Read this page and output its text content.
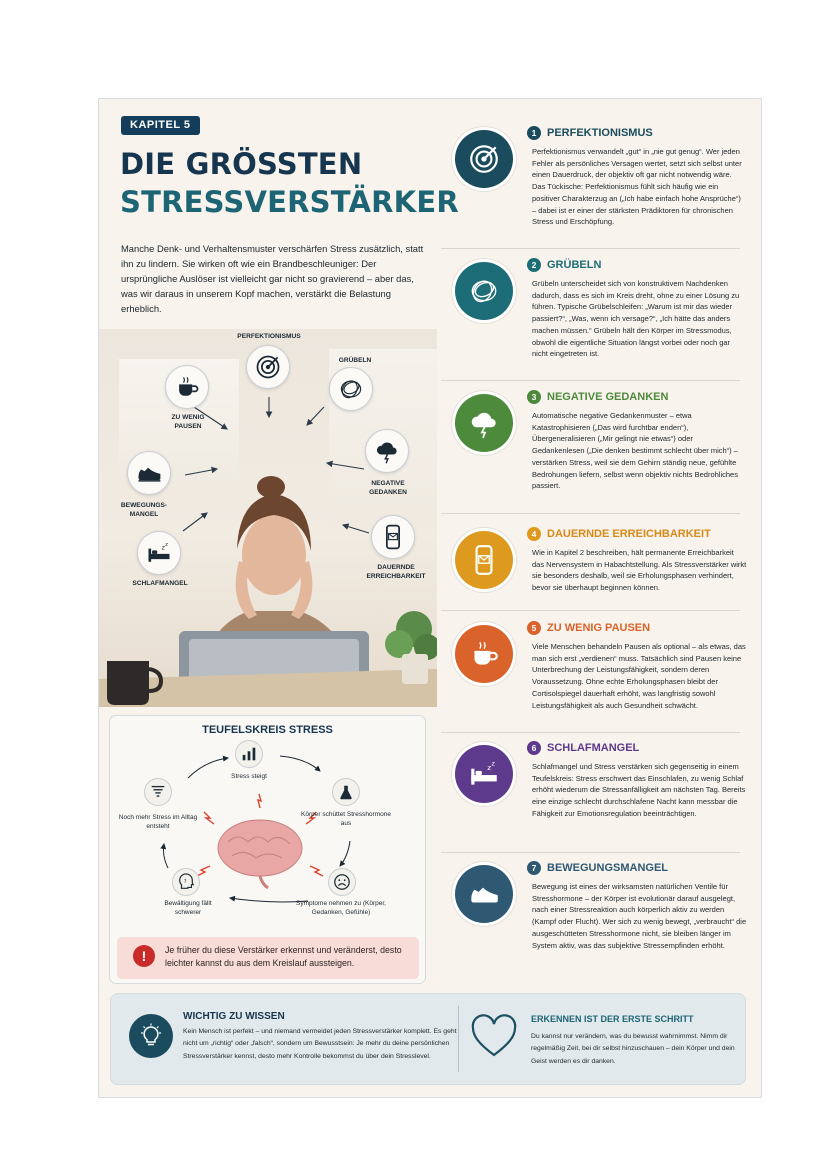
KAPITEL 5
DIE GRÖSSTEN
STRESSVERSTÄRKER
Manche Denk- und Verhaltensmuster verschärfen Stress zusätzlich, statt ihn zu lindern. Sie wirken oft wie ein Brandbeschleuniger: Der ursprüngliche Auslöser ist vielleicht gar nicht so gravierend – aber das, was wir daraus in unserem Kopf machen, verstärkt die Belastung erheblich.
PERFEKTIONISMUS
GRÜBELN
ZU WENIG PAUSEN
NEGATIVE GEDANKEN
BEWEGUNGS-MANGEL
DAUERNDE ERREICHBARKEIT
z z
SCHLAFMANGEL
TEUFELSKREIS STRESS
Stress steigt
Körper schüttet Stresshormone aus
Symptome nehmen zu (Körper, Gedanken, Gefühle)
?
Bewältigung fällt schwerer
Noch mehr Stress im Alltag entsteht
!	Je früher du diese Verstärker erkennst und veränderst, desto leichter kannst du aus dem Kreislauf aussteigen.
1 PERFEKTIONISMUS
Perfektionismus verwandelt „gut“ in „nie gut genug“. Wer jeden Fehler als persönliches Versagen wertet, setzt sich selbst unter einen Dauerdruck, der objektiv oft gar nicht notwendig wäre. Das Tückische: Perfektionismus fühlt sich häufig wie ein positiver Charakterzug an („Ich habe einfach hohe Ansprüche“) – dabei ist er einer der stärksten Prädiktoren für chronischen Stress und Erschöpfung.
2 GRÜBELN
Grübeln unterscheidet sich von konstruktivem Nachdenken dadurch, dass es sich im Kreis dreht, ohne zu einer Lösung zu führen. Typische Grübelschleifen: „Warum ist mir das wieder passiert?“, „Was, wenn ich versage?“, „Ich hätte das anders machen müssen.“ Grübeln hält den Körper im Stressmodus, obwohl die eigentliche Situation längst vorbei oder noch gar nicht eingetreten ist.
3 NEGATIVE GEDANKEN
Automatische negative Gedankenmuster – etwa Katastrophisieren („Das wird furchtbar enden“), Übergeneralisieren („Mir gelingt nie etwas“) oder Gedankenlesen („Die denken bestimmt schlecht über mich“) – verstärken Stress, weil sie dem Gehirn ständig neue, gefühlte Bedrohungen liefern, selbst wenn objektiv nichts Bedrohliches passiert.
4 DAUERNDE ERREICHBARKEIT
Wie in Kapitel 2 beschreiben, hält permanente Erreichbarkeit das Nervensystem in Habachtstellung. Als Stressverstärker wirkt sie besonders deshalb, weil sie Erholungsphasen verhindert, bevor sie überhaupt beginnen können.
5 ZU WENIG PAUSEN
Viele Menschen behandeln Pausen als optional – als etwas, das man sich erst „verdienen“ muss. Tatsächlich sind Pausen keine Unterbrechung der Leistungsfähigkeit, sondern deren Voraussetzung. Ohne echte Erholungsphasen bleibt der Cortisolspiegel dauerhaft erhöht, was langfristig sowohl Leistungsfähigkeit als auch Gesundheit schwächt.
z z
6 SCHLAFMANGEL
Schlafmangel und Stress verstärken sich gegenseitig in einem Teufelskreis: Stress erschwert das Einschlafen, zu wenig Schlaf erhöht wiederum die Stressanfälligkeit am nächsten Tag. Bereits eine einzige schlecht durchschlafene Nacht kann messbar die Fähigkeit zur Emotionsregulation beeinträchtigen.
7 BEWEGUNGSMANGEL
Bewegung ist eines der wirksamsten natürlichen Ventile für Stresshormone – der Körper ist evolutionär darauf ausgelegt, nach einer Stressreaktion auch körperlich aktiv zu werden (Kampf oder Flucht). Wer sich zu wenig bewegt, „verbraucht“ die ausgeschütteten Stresshormone nicht, sie bleiben länger im System aktiv, was das subjektive Stressempfinden erhöht.
WICHTIG ZU WISSEN
Kein Mensch ist perfekt – und niemand vermeidet jeden Stressverstärker komplett. Es geht nicht um „richtig“ oder „falsch“, sondern um Bewusstsein: Je mehr du deine persönlichen Stressverstärker kennst, desto mehr Kontrolle bekommst du über dein Stresslevel.
ERKENNEN IST DER ERSTE SCHRITT
Du kannst nur verändern, was du bewusst wahrnimmst. Nimm dir regelmäßig Zeit, bei dir selbst hinzuschauen – dein Körper und dein Geist werden es dir danken.
